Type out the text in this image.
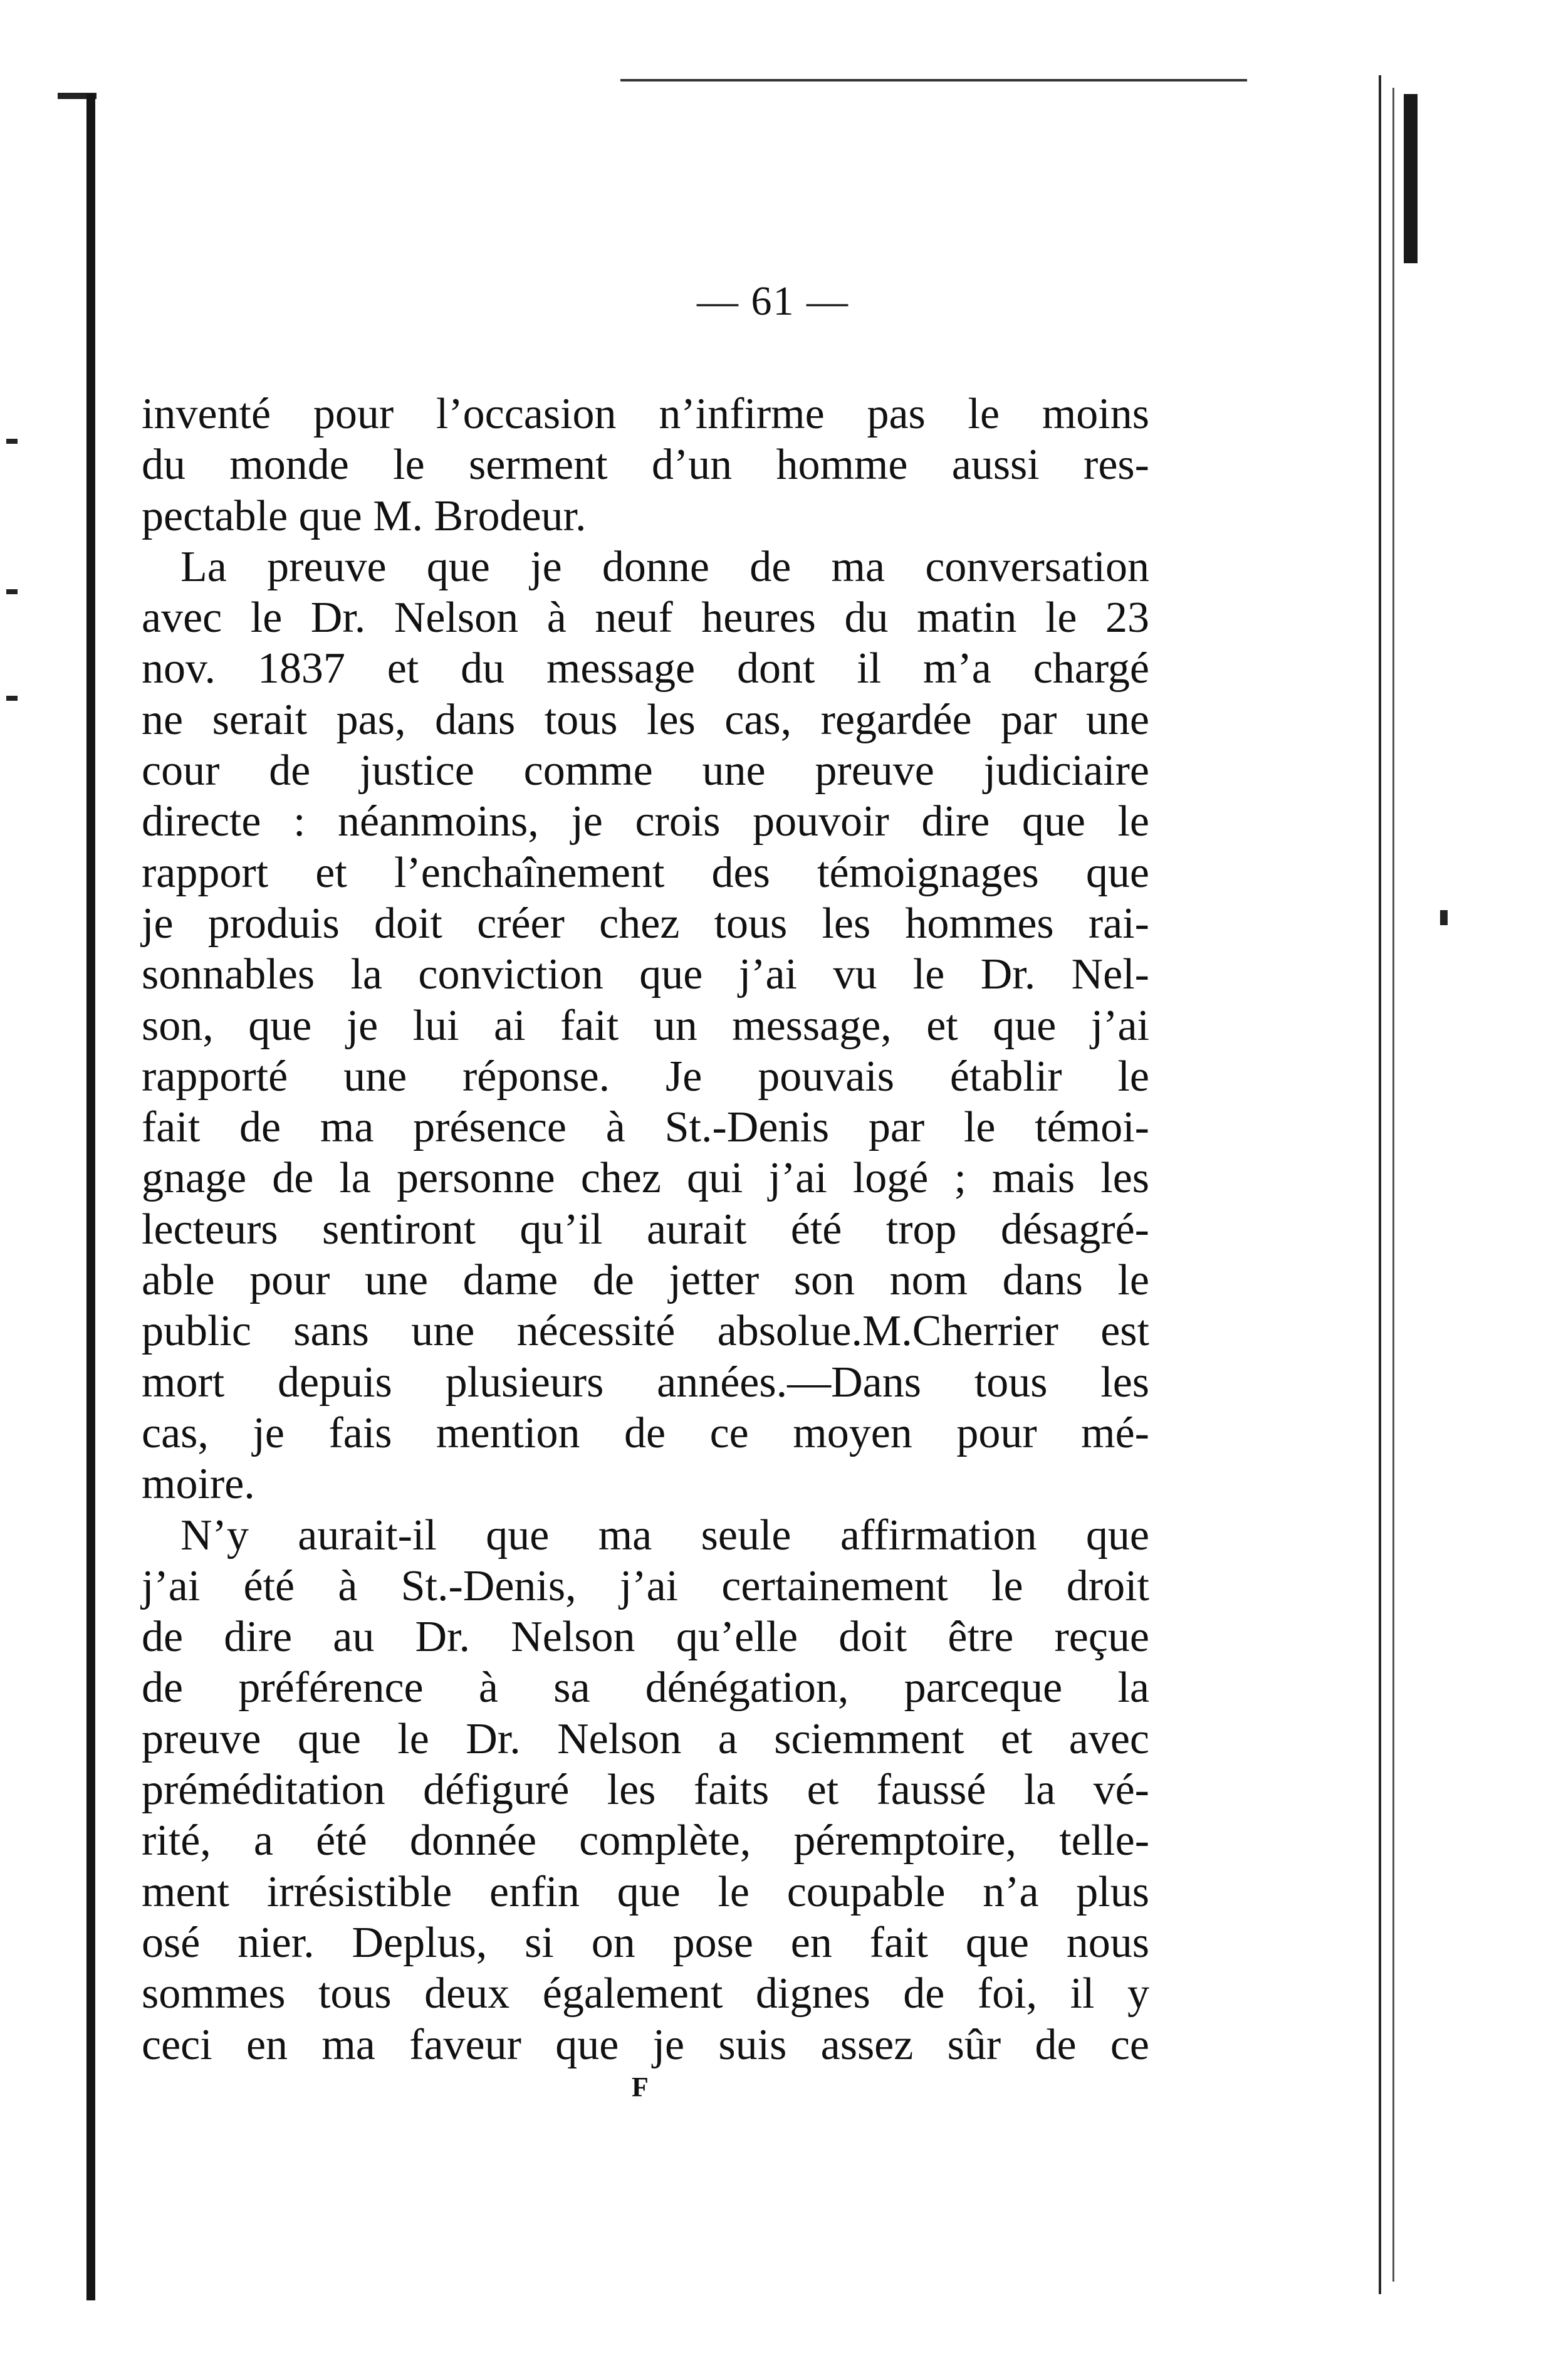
— 61 —
inventé pour l’occasion n’infirme pas le moins
du monde le serment d’un homme aussi res-
pectable que M. Brodeur.
La preuve que je donne de ma conversation
avec le Dr. Nelson à neuf heures du matin le 23
nov. 1837 et du message dont il m’a chargé
ne serait pas, dans tous les cas, regardée par une
cour de justice comme une preuve judiciaire
directe : néanmoins, je crois pouvoir dire que le
rapport et l’enchaînement des témoignages que
je produis doit créer chez tous les hommes rai-
sonnables la conviction que j’ai vu le Dr. Nel-
son, que je lui ai fait un message, et que j’ai
rapporté une réponse. Je pouvais établir le
fait de ma présence à St.-Denis par le témoi-
gnage de la personne chez qui j’ai logé ; mais les
lecteurs sentiront qu’il aurait été trop désagré-
able pour une dame de jetter son nom dans le
public sans une nécessité absolue.M.Cherrier est
mort depuis plusieurs années.—Dans tous les
cas, je fais mention de ce moyen pour mé-
moire.
N’y aurait-il que ma seule affirmation que
j’ai été à St.-Denis, j’ai certainement le droit
de dire au Dr. Nelson qu’elle doit être reçue
de préférence à sa dénégation, parceque la
preuve que le Dr. Nelson a sciemment et avec
préméditation défiguré les faits et faussé la vé-
rité, a été donnée complète, péremptoire, telle-
ment irrésistible enfin que le coupable n’a plus
osé nier. Deplus, si on pose en fait que nous
sommes tous deux également dignes de foi, il y
ceci en ma faveur que je suis assez sûr de ce
F
